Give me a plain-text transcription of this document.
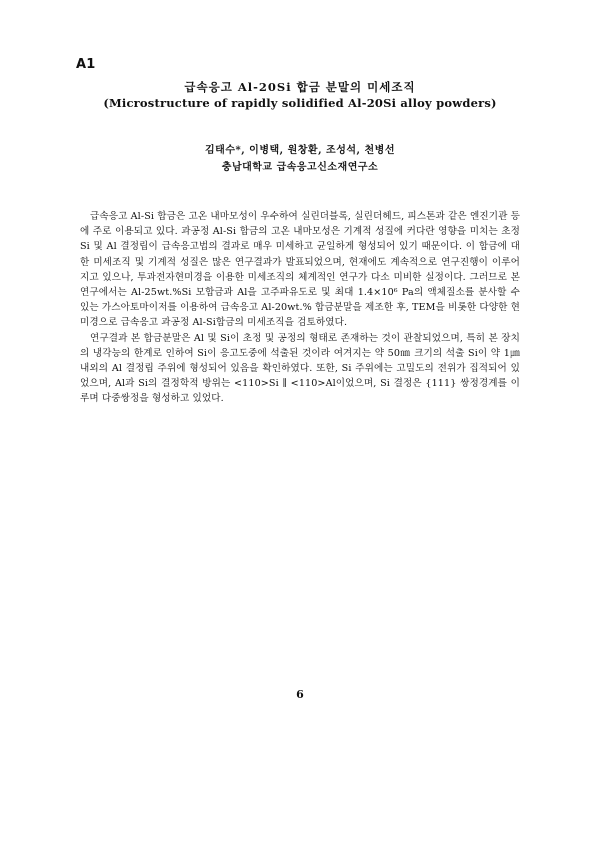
A1
급속응고 Al-20Si 합금 분말의 미세조직
(Microstructure of rapidly solidified Al-20Si alloy powders)
김태수*, 이병택, 원창환, 조성석, 천병선
충남대학교 급속응고신소재연구소

급속응고 Al-Si 합금은 고온 내마모성이 우수하여 실린더블록, 실린더헤드, 피스톤과 같은 엔진기관 등에 주로 이용되고 있다. 과공정 Al-Si 합금의 고온 내마모성은 기계적 성질에 커다란 영향을 미치는 초정 Si 및 Al 결정립이 급속응고법의 결과로 매우 미세하고 균일하게 형성되어 있기 때문이다. 이 합금에 대한 미세조직 및 기계적 성질은 많은 연구결과가 발표되었으며, 현재에도 계속적으로 연구진행이 이루어지고 있으나, 투과전자현미경을 이용한 미세조직의 체계적인 연구가 다소 미비한 실정이다. 그러므로 본 연구에서는 Al-25wt.%Si 모합금과 Al을 고주파유도로 및 최대 1.4×10⁶ Pa의 액체질소를 분사할 수 있는 가스아토마이저를 이용하여 급속응고 Al-20wt.% 합금분말을 제조한 후, TEM을 비롯한 다양한 현미경으로 급속응고 과공정 Al-Si합금의 미세조직을 검토하였다.

연구결과 본 합금분말은 Al 및 Si이 초정 및 공정의 형태로 존재하는 것이 관찰되었으며, 특히 본 장치의 냉각능의 한계로 인하여 Si이 응고도중에 석출된 것이라 여겨지는 약 50㎚ 크기의 석출 Si이 약 1㎛내외의 Al 결정립 주위에 형성되어 있음을 확인하였다. 또한, Si 주위에는 고밀도의 전위가 집적되어 있었으며, Al과 Si의 결정학적 방위는 <110>Si ∥ <110>Al이었으며, Si 결정은 {111} 쌍정경계를 이루며 다중쌍정을 형성하고 있었다.

6
